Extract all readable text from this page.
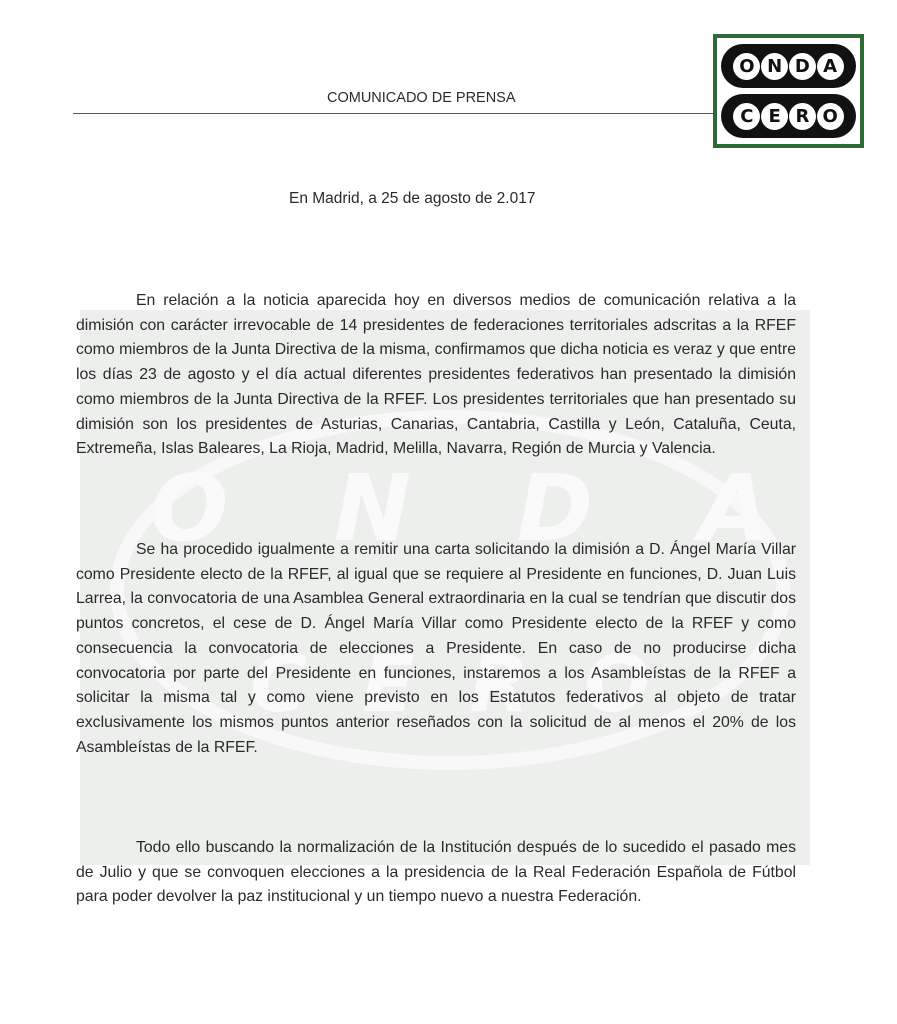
O N D A
C E R O
COMUNICADO DE PRENSA
O N D A
C E R O
En Madrid, a 25 de agosto de 2.017

En relación a la noticia aparecida hoy en diversos medios de comunicación relativa a la dimisión con carácter irrevocable de 14 presidentes de federaciones territoriales adscritas a la RFEF como miembros de la Junta Directiva de la misma, confirmamos que dicha noticia es veraz y que entre los días 23 de agosto y el día actual diferentes presidentes federativos han presentado la dimisión como miembros de la Junta Directiva de la RFEF. Los presidentes territoriales que han presentado su dimisión son los presidentes de Asturias, Canarias, Cantabria, Castilla y León, Cataluña, Ceuta, Extremeña, Islas Baleares, La Rioja, Madrid, Melilla, Navarra, Región de Murcia y Valencia.

Se ha procedido igualmente a remitir una carta solicitando la dimisión a D. Ángel María Villar como Presidente electo de la RFEF, al igual que se requiere al Presidente en funciones, D. Juan Luis Larrea, la convocatoria de una Asamblea General extraordinaria en la cual se tendrían que discutir dos puntos concretos, el cese de D. Ángel María Villar como Presidente electo de la RFEF y como consecuencia la convocatoria de elecciones a Presidente. En caso de no producirse dicha convocatoria por parte del Presidente en funciones, instaremos a los Asambleístas de la RFEF a solicitar la misma tal y como viene previsto en los Estatutos federativos al objeto de tratar exclusivamente los mismos puntos anterior reseñados con la solicitud de al menos el 20% de los Asambleístas de la RFEF.

Todo ello buscando la normalización de la Institución después de lo sucedido el pasado mes de Julio y que se convoquen elecciones a la presidencia de la Real Federación Española de Fútbol para poder devolver la paz institucional y un tiempo nuevo a nuestra Federación.
